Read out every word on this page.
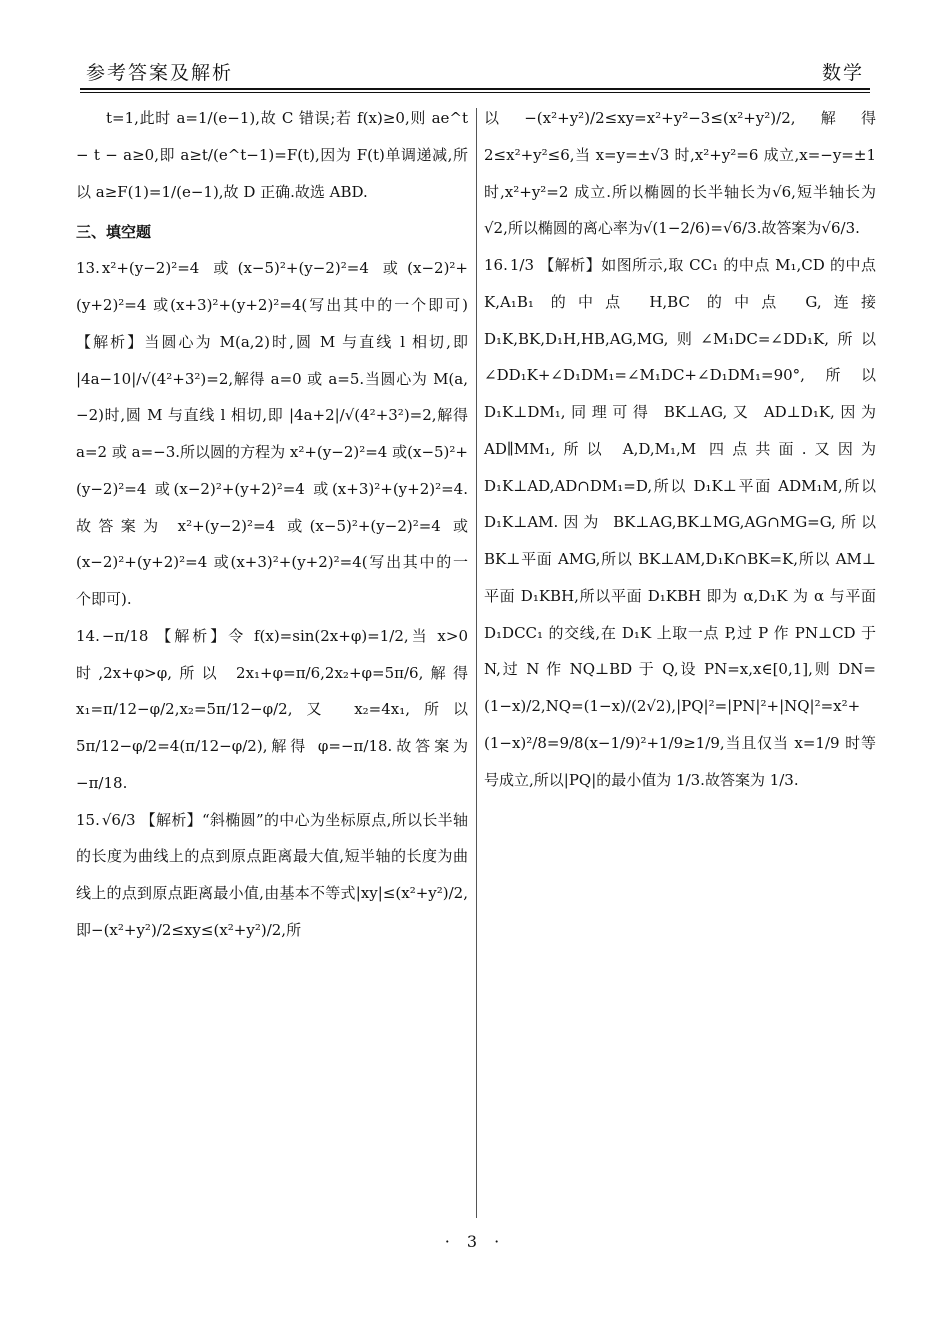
参考答案及解析	数学

t=1,此时 a=1/(e−1),故 C 错误;若 f(x)≥0,则 ae^t − t − a≥0,即 a≥t/(e^t−1)=F(t),因为 F(t)单调递减,所以 a≥F(1)=1/(e−1),故 D 正确.故选 ABD.

三、填空题

13. x²+(y−2)²=4 或(x−5)²+(y−2)²=4 或(x−2)²+(y+2)²=4 或(x+3)²+(y+2)²=4(写出其中的一个即可) 【解析】当圆心为 M(a,2)时,圆 M 与直线 l 相切,即 |4a−10|/√(4²+3²)=2,解得 a=0 或 a=5.当圆心为 M(a,−2)时,圆 M 与直线 l 相切,即 |4a+2|/√(4²+3²)=2,解得 a=2 或 a=−3.所以圆的方程为 x²+(y−2)²=4 或(x−5)²+(y−2)²=4 或(x−2)²+(y+2)²=4 或(x+3)²+(y+2)²=4.故答案为 x²+(y−2)²=4 或(x−5)²+(y−2)²=4 或(x−2)²+(y+2)²=4 或(x+3)²+(y+2)²=4(写出其中的一个即可).

14. −π/18 【解析】令 f(x)=sin(2x+φ)=1/2,当 x>0 时,2x+φ>φ,所以 2x₁+φ=π/6,2x₂+φ=5π/6,解得 x₁=π/12−φ/2,x₂=5π/12−φ/2,又 x₂=4x₁,所以 5π/12−φ/2=4(π/12−φ/2),解得 φ=−π/18.故答案为−π/18.

15. √6/3 【解析】“斜椭圆”的中心为坐标原点,所以长半轴的长度为曲线上的点到原点距离最大值,短半轴的长度为曲线上的点到原点距离最小值,由基本不等式|xy|≤(x²+y²)/2,即−(x²+y²)/2≤xy≤(x²+y²)/2,所

以−(x²+y²)/2≤xy=x²+y²−3≤(x²+y²)/2,解得 2≤x²+y²≤6,当 x=y=±√3 时,x²+y²=6 成立,x=−y=±1 时,x²+y²=2 成立.所以椭圆的长半轴长为√6,短半轴长为√2,所以椭圆的离心率为√(1−2/6)=√6/3.故答案为√6/3.

16. 1/3 【解析】如图所示,取 CC₁ 的中点 M₁,CD 的中点 K,A₁B₁ 的中点 H,BC 的中点 G,连接 D₁K,BK,D₁H,HB,AG,MG,则∠M₁DC=∠DD₁K,所以∠DD₁K+∠D₁DM₁=∠M₁DC+∠D₁DM₁=90°,所以 D₁K⊥DM₁,同理可得 BK⊥AG,又 AD⊥D₁K,因为 AD∥MM₁,所以 A,D,M₁,M 四点共面.又因为 D₁K⊥AD,AD∩DM₁=D,所以 D₁K⊥平面 ADM₁M,所以 D₁K⊥AM.因为 BK⊥AG,BK⊥MG,AG∩MG=G,所以 BK⊥平面 AMG,所以 BK⊥AM,D₁K∩BK=K,所以 AM⊥平面 D₁KBH,所以平面 D₁KBH 即为 α,D₁K 为 α 与平面 D₁DCC₁ 的交线,在 D₁K 上取一点 P,过 P 作 PN⊥CD 于 N,过 N 作 NQ⊥BD 于 Q,设 PN=x,x∈[0,1],则 DN=(1−x)/2,NQ=(1−x)/(2√2),|PQ|²=|PN|²+|NQ|²=x²+(1−x)²/8=9/8(x−1/9)²+1/9≥1/9,当且仅当 x=1/9 时等号成立,所以|PQ|的最小值为 1/3.故答案为 1/3.

· 3 ·
